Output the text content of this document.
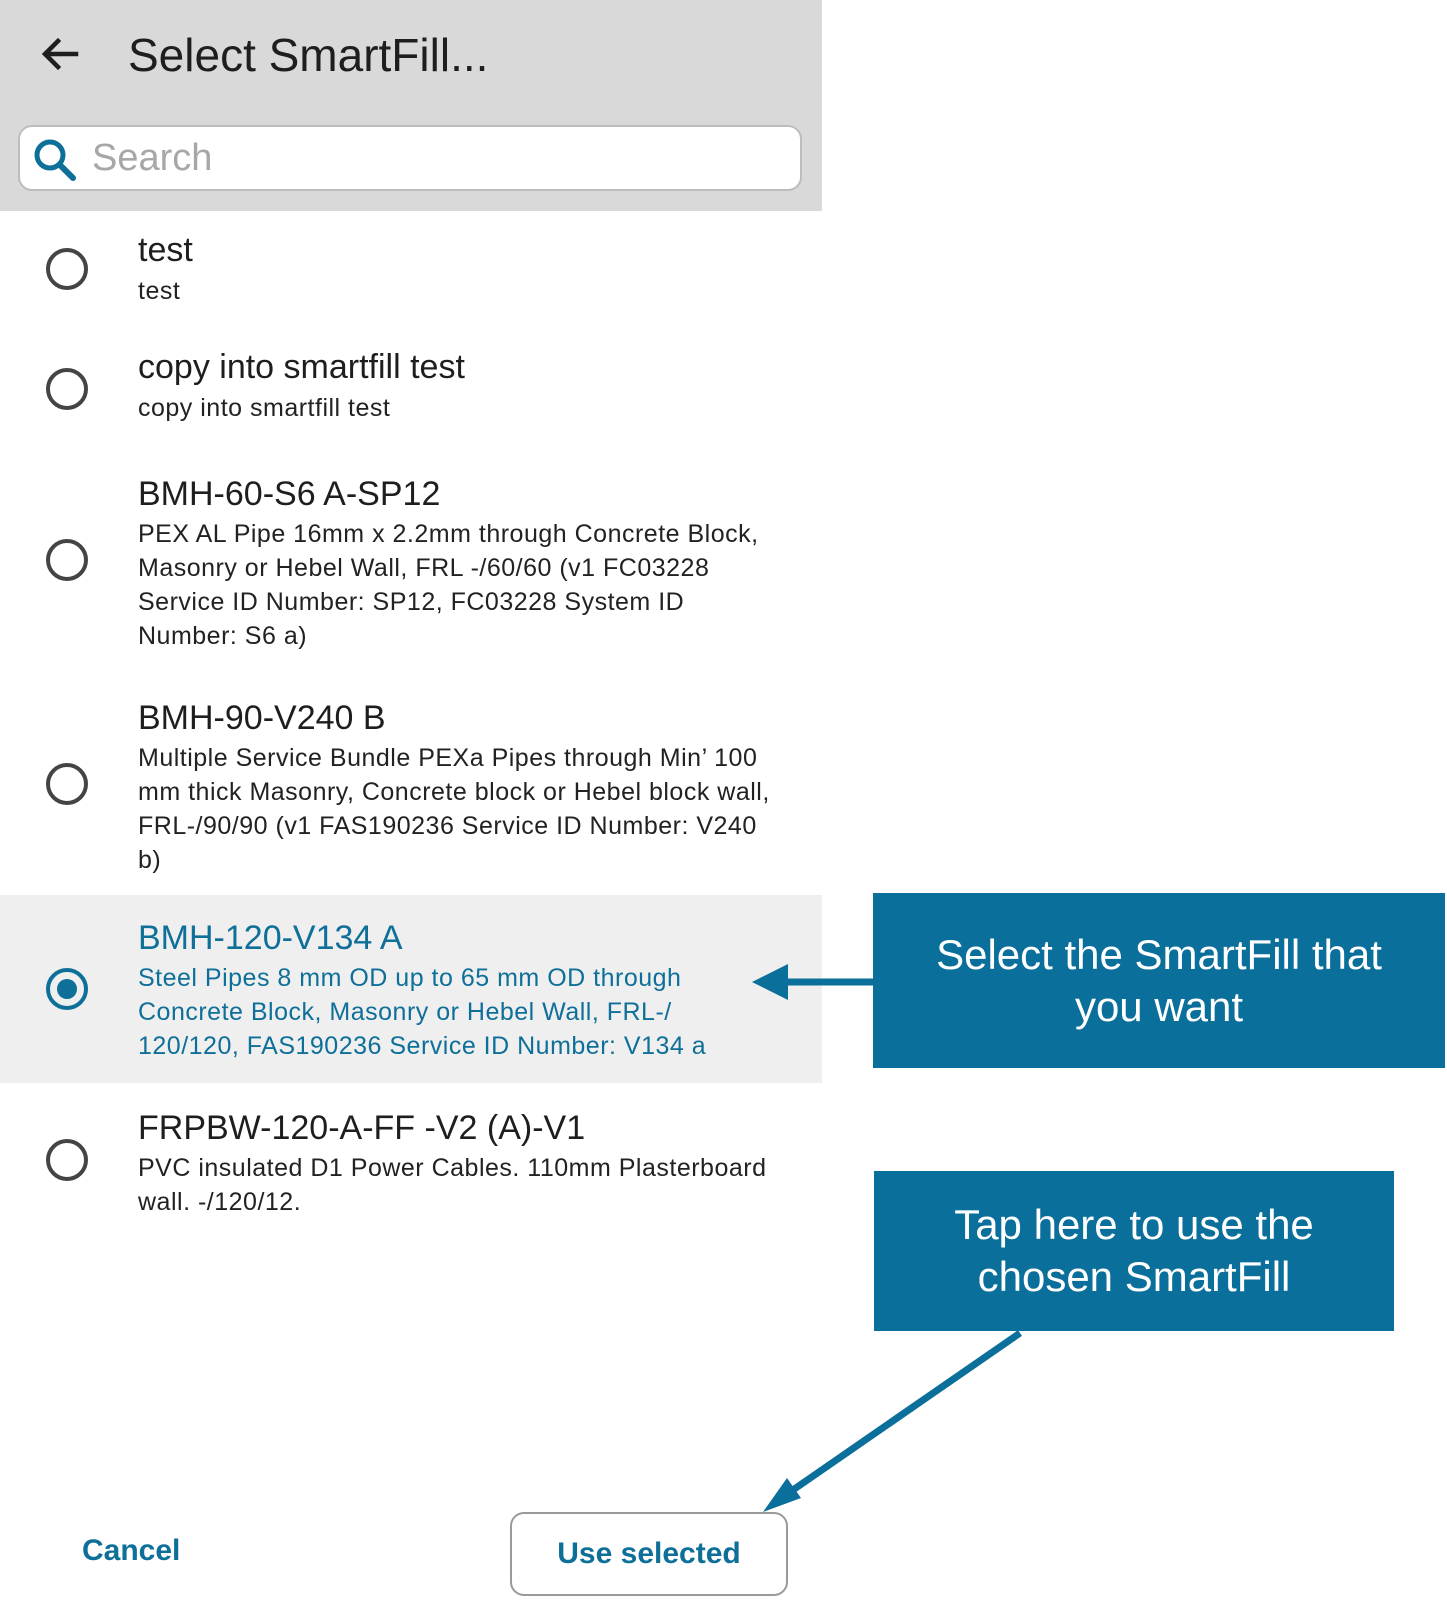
Select SmartFill...
Search
test
test
copy into smartfill test
copy into smartfill test
BMH-60-S6 A-SP12
PEX AL Pipe 16mm x 2.2mm through Concrete Block, Masonry or Hebel Wall, FRL -/60/60 (v1 FC03228 Service ID Number: SP12, FC03228 System ID Number: S6 a)
BMH-90-V240 B
Multiple Service Bundle PEXa Pipes through Min’ 100 mm thick Masonry, Concrete block or Hebel block wall, FRL-/90/90 (v1 FAS190236 Service ID Number: V240 b)
BMH-120-V134 A
Steel Pipes 8 mm OD up to 65 mm OD through Concrete Block, Masonry or Hebel Wall, FRL-/ 120/120, FAS190236 Service ID Number: V134 a
FRPBW-120-A-FF -V2 (A)-V1
PVC insulated D1 Power Cables. 110mm Plasterboard wall. -/120/12.
Cancel	Use selected
Select the SmartFill that
you want
Tap here to use the
chosen SmartFill
